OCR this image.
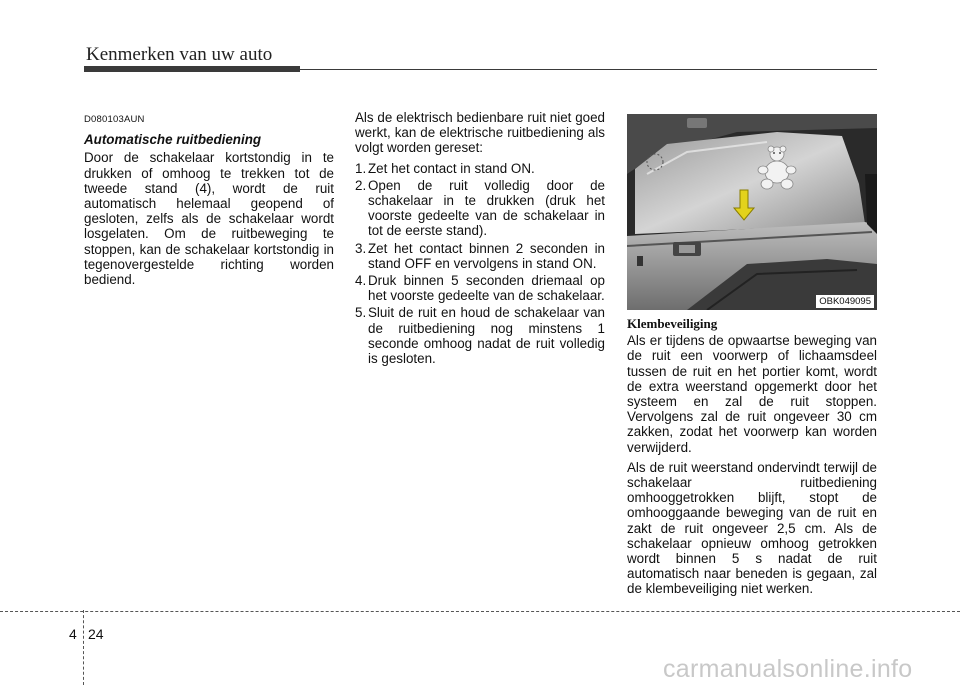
Kenmerken van uw auto
D080103AUN
Automatische ruitbediening

Door de schakelaar kortstondig in te drukken of omhoog te trekken tot de tweede stand (4), wordt de ruit automatisch helemaal geopend of gesloten, zelfs als de schakelaar wordt losgelaten. Om de ruitbeweging te stoppen, kan de schakelaar kortstondig in tegenovergestelde richting worden bediend.

Als de elektrisch bedienbare ruit niet goed werkt, kan de elektrische ruitbediening als volgt worden gereset:

1. Zet het contact in stand ON.
2. Open de ruit volledig door de schakelaar in te drukken (druk het voorste gedeelte van de schakelaar in tot de eerste stand).
3. Zet het contact binnen 2 seconden in stand OFF en vervolgens in stand ON.
4. Druk binnen 5 seconden driemaal op het voorste gedeelte van de schakelaar.
5. Sluit de ruit en houd de schakelaar van de ruitbediening nog minstens 1 seconde omhoog nadat de ruit volledig is gesloten.
OBK049095
Klembeveiliging

Als er tijdens de opwaartse beweging van de ruit een voorwerp of lichaamsdeel tussen de ruit en het portier komt, wordt de extra weerstand opgemerkt door het systeem en zal de ruit stoppen. Vervolgens zal de ruit ongeveer 30 cm zakken, zodat het voorwerp kan worden verwijderd.

Als de ruit weerstand ondervindt terwijl de schakelaar ruitbediening omhooggetrokken blijft, stopt de omhooggaande beweging van de ruit en zakt de ruit ongeveer 2,5 cm. Als de schakelaar opnieuw omhoog getrokken wordt binnen 5 s nadat de ruit automatisch naar beneden is gegaan, zal de klembeveiliging niet werken.

4 24
carmanualsonline.info
